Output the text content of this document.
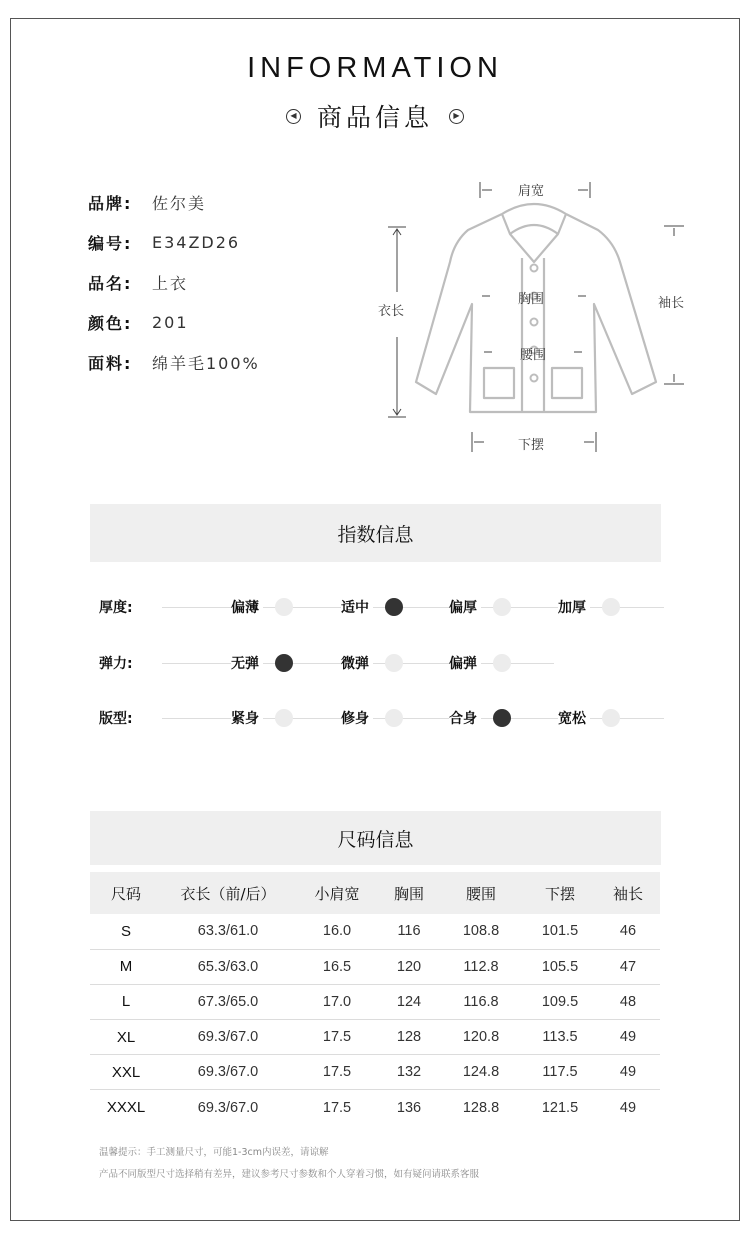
INFORMATION
◀ 商品信息	▶
品牌:	佐尔美
编号:	E34ZD26
品名:	上衣
颜色:	201
面料:	绵羊毛100%
肩宽
胸围
腰围
衣长
袖长
下摆
指数信息
厚度:	偏薄	适中	偏厚	加厚
弹力:	无弹	微弹	偏弹
版型:	紧身	修身	合身	宽松
尺码信息
尺码	衣长（前/后）	小肩宽	胸围	腰围	下摆	袖长
S	63.3/61.0	16.0	116	108.8	101.5	46
M	65.3/63.0	16.5	120	112.8	105.5	47
L	67.3/65.0	17.0	124	116.8	109.5	48
XL	69.3/67.0	17.5	128	120.8	113.5	49
XXL	69.3/67.0	17.5	132	124.8	117.5	49
XXXL	69.3/67.0	17.5	136	128.8	121.5	49
温馨提示：手工测量尺寸，可能1-3cm内误差，请谅解
产品不同版型尺寸选择稍有差异，建议参考尺寸参数和个人穿着习惯，如有疑问请联系客服
